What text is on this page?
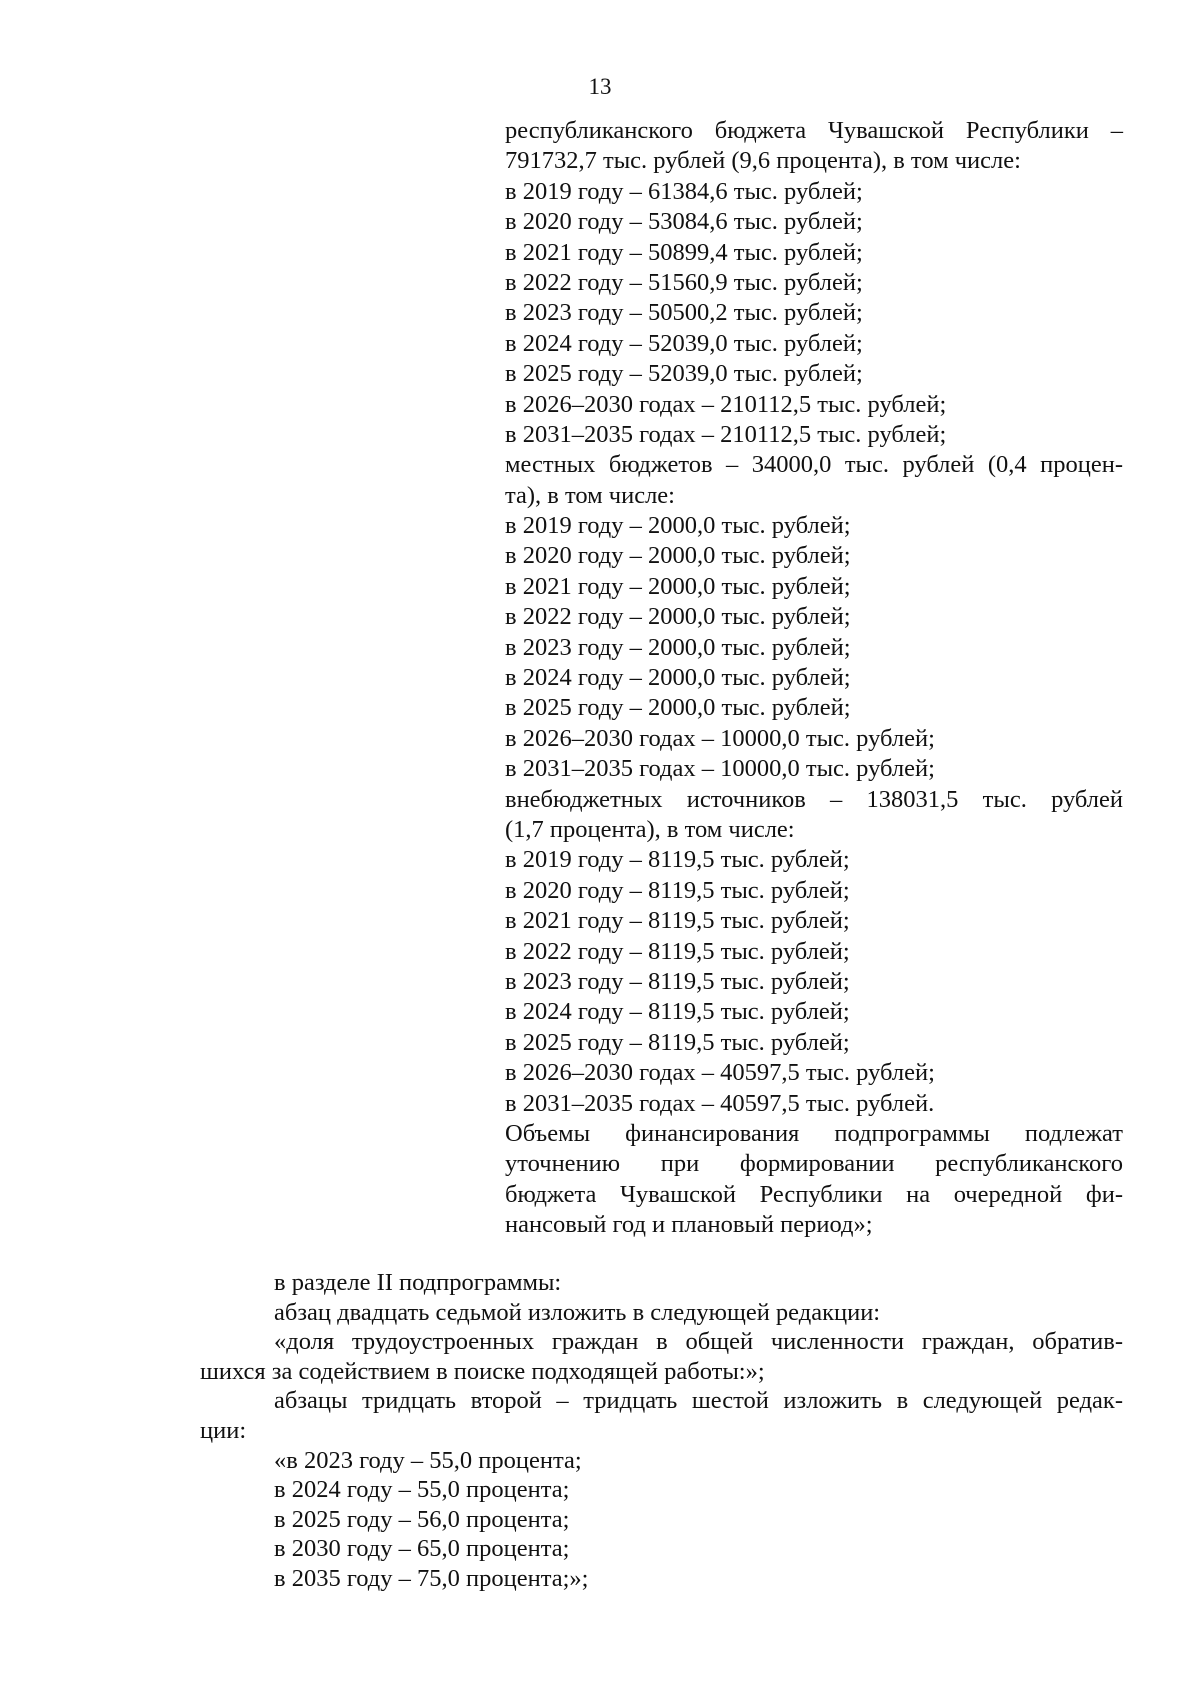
13
республиканского бюджета Чувашской Республики –
791732,7 тыс. рублей (9,6 процента), в том числе:
в 2019 году – 61384,6 тыс. рублей;
в 2020 году – 53084,6 тыс. рублей;
в 2021 году – 50899,4 тыс. рублей;
в 2022 году – 51560,9 тыс. рублей;
в 2023 году – 50500,2 тыс. рублей;
в 2024 году – 52039,0 тыс. рублей;
в 2025 году – 52039,0 тыс. рублей;
в 2026–2030 годах – 210112,5 тыс. рублей;
в 2031–2035 годах – 210112,5 тыс. рублей;
местных бюджетов – 34000,0 тыс. рублей (0,4 процен-
та), в том числе:
в 2019 году – 2000,0 тыс. рублей;
в 2020 году – 2000,0 тыс. рублей;
в 2021 году – 2000,0 тыс. рублей;
в 2022 году – 2000,0 тыс. рублей;
в 2023 году – 2000,0 тыс. рублей;
в 2024 году – 2000,0 тыс. рублей;
в 2025 году – 2000,0 тыс. рублей;
в 2026–2030 годах – 10000,0 тыс. рублей;
в 2031–2035 годах – 10000,0 тыс. рублей;
внебюджетных источников – 138031,5 тыс. рублей
(1,7 процента), в том числе:
в 2019 году – 8119,5 тыс. рублей;
в 2020 году – 8119,5 тыс. рублей;
в 2021 году – 8119,5 тыс. рублей;
в 2022 году – 8119,5 тыс. рублей;
в 2023 году – 8119,5 тыс. рублей;
в 2024 году – 8119,5 тыс. рублей;
в 2025 году – 8119,5 тыс. рублей;
в 2026–2030 годах – 40597,5 тыс. рублей;
в 2031–2035 годах – 40597,5 тыс. рублей.
Объемы финансирования подпрограммы подлежат
уточнению при формировании республиканского
бюджета Чувашской Республики на очередной фи-
нансовый год и плановый период»;
в разделе II подпрограммы:
абзац двадцать седьмой изложить в следующей редакции:
«доля трудоустроенных граждан в общей численности граждан, обратив-
шихся за содействием в поиске подходящей работы:»;
абзацы тридцать второй – тридцать шестой изложить в следующей редак-
ции:
«в 2023 году – 55,0 процента;
в 2024 году – 55,0 процента;
в 2025 году – 56,0 процента;
в 2030 году – 65,0 процента;
в 2035 году – 75,0 процента;»;
